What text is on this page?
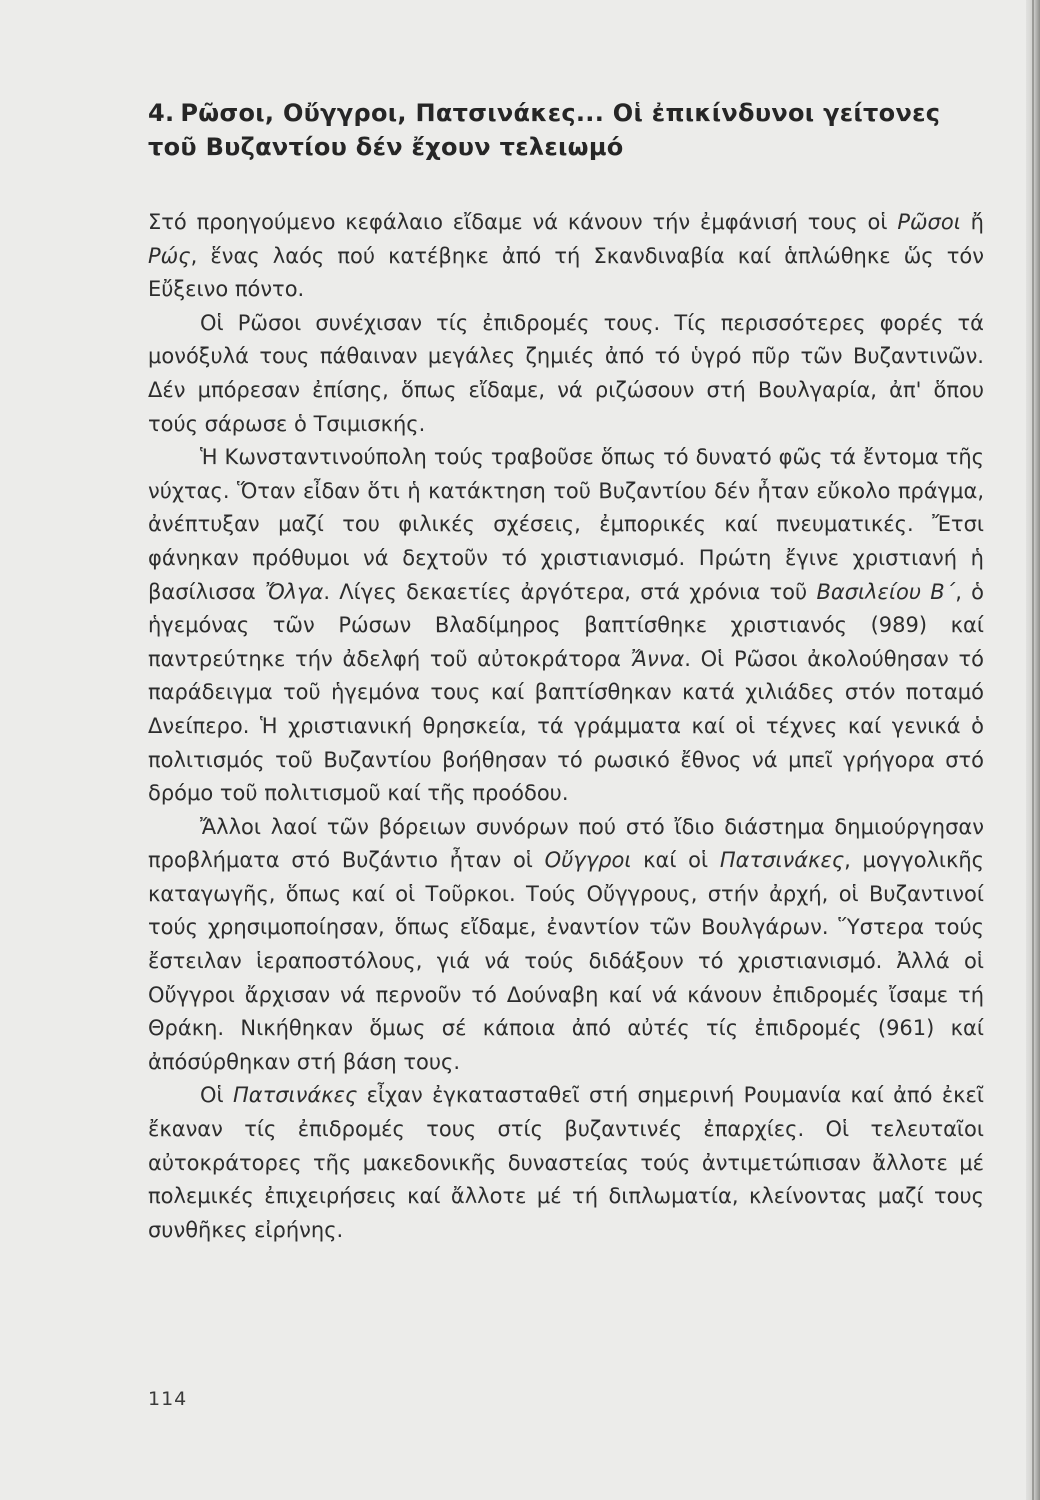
4. Ρῶσοι, Οὔγγροι, Πατσινάκες... Οἱ ἐπικίνδυνοι γείτονες τοῦ Βυζαντίου δέν ἔχουν τελειωμό

Στό προηγούμενο κεφάλαιο εἴδαμε νά κάνουν τήν ἐμφάνισή τους οἱ Ρῶσοι ἤ Ρώς, ἕνας λαός πού κατέβηκε ἀπό τή Σκανδιναβία καί ἁπλώθηκε ὥς τόν Εὔξεινο πόντο.

Οἱ Ρῶσοι συνέχισαν τίς ἐπιδρομές τους. Τίς περισσότερες φορές τά μονόξυλά τους πάθαιναν μεγάλες ζημιές ἀπό τό ὑγρό πῦρ τῶν Βυζαντινῶν. Δέν μπόρεσαν ἐπίσης, ὅπως εἴδαμε, νά ριζώσουν στή Βουλγαρία, ἀπ' ὅπου τούς σάρωσε ὁ Τσιμισκής.

Ἡ Κωνσταντινούπολη τούς τραβοῦσε ὅπως τό δυνατό φῶς τά ἔντομα τῆς νύχτας. Ὅταν εἶδαν ὅτι ἡ κατάκτηση τοῦ Βυζαντίου δέν ἦταν εὔκολο πράγμα, ἀνέπτυξαν μαζί του φιλικές σχέσεις, ἐμπορικές καί πνευματικές. Ἔτσι φάνηκαν πρόθυμοι νά δεχτοῦν τό χριστιανισμό. Πρώτη ἔγινε χριστιανή ἡ βασίλισσα Ὄλγα. Λίγες δεκαετίες ἀργότερα, στά χρόνια τοῦ Βασιλείου Β΄, ὁ ἡγεμόνας τῶν Ρώσων Βλαδίμηρος βαπτίσθηκε χριστιανός (989) καί παντρεύτηκε τήν ἀδελφή τοῦ αὐτοκράτορα Ἄννα. Οἱ Ρῶσοι ἀκολούθησαν τό παράδειγμα τοῦ ἡγεμόνα τους καί βαπτίσθηκαν κατά χιλιάδες στόν ποταμό Δνείπερο. Ἡ χριστιανική θρησκεία, τά γράμματα καί οἱ τέχνες καί γενικά ὁ πολιτισμός τοῦ Βυζαντίου βοήθησαν τό ρωσικό ἔθνος νά μπεῖ γρήγορα στό δρόμο τοῦ πολιτισμοῦ καί τῆς προόδου.

Ἄλλοι λαοί τῶν βόρειων συνόρων πού στό ἴδιο διάστημα δημιούργησαν προβλήματα στό Βυζάντιο ἦταν οἱ Οὔγγροι καί οἱ Πατσινάκες, μογγολικῆς καταγωγῆς, ὅπως καί οἱ Τοῦρκοι. Τούς Οὔγγρους, στήν ἀρχή, οἱ Βυζαντινοί τούς χρησιμοποίησαν, ὅπως εἴδαμε, ἐναντίον τῶν Βουλγάρων. Ὕστερα τούς ἔστειλαν ἱεραποστόλους, γιά νά τούς διδάξουν τό χριστιανισμό. Ἀλλά οἱ Οὔγγροι ἄρχισαν νά περνοῦν τό Δούναβη καί νά κάνουν ἐπιδρομές ἴσαμε τή Θράκη. Νικήθηκαν ὅμως σέ κάποια ἀπό αὐτές τίς ἐπιδρομές (961) καί ἀπόσύρθηκαν στή βάση τους.

Οἱ Πατσινάκες εἶχαν ἐγκατασταθεῖ στή σημερινή Ρουμανία καί ἀπό ἐκεῖ ἔκαναν τίς ἐπιδρομές τους στίς βυζαντινές ἐπαρχίες. Οἱ τελευταῖοι αὐτοκράτορες τῆς μακεδονικῆς δυναστείας τούς ἀντιμετώπισαν ἄλλοτε μέ πολεμικές ἐπιχειρήσεις καί ἄλλοτε μέ τή διπλωματία, κλείνοντας μαζί τους συνθῆκες εἰρήνης.

114
